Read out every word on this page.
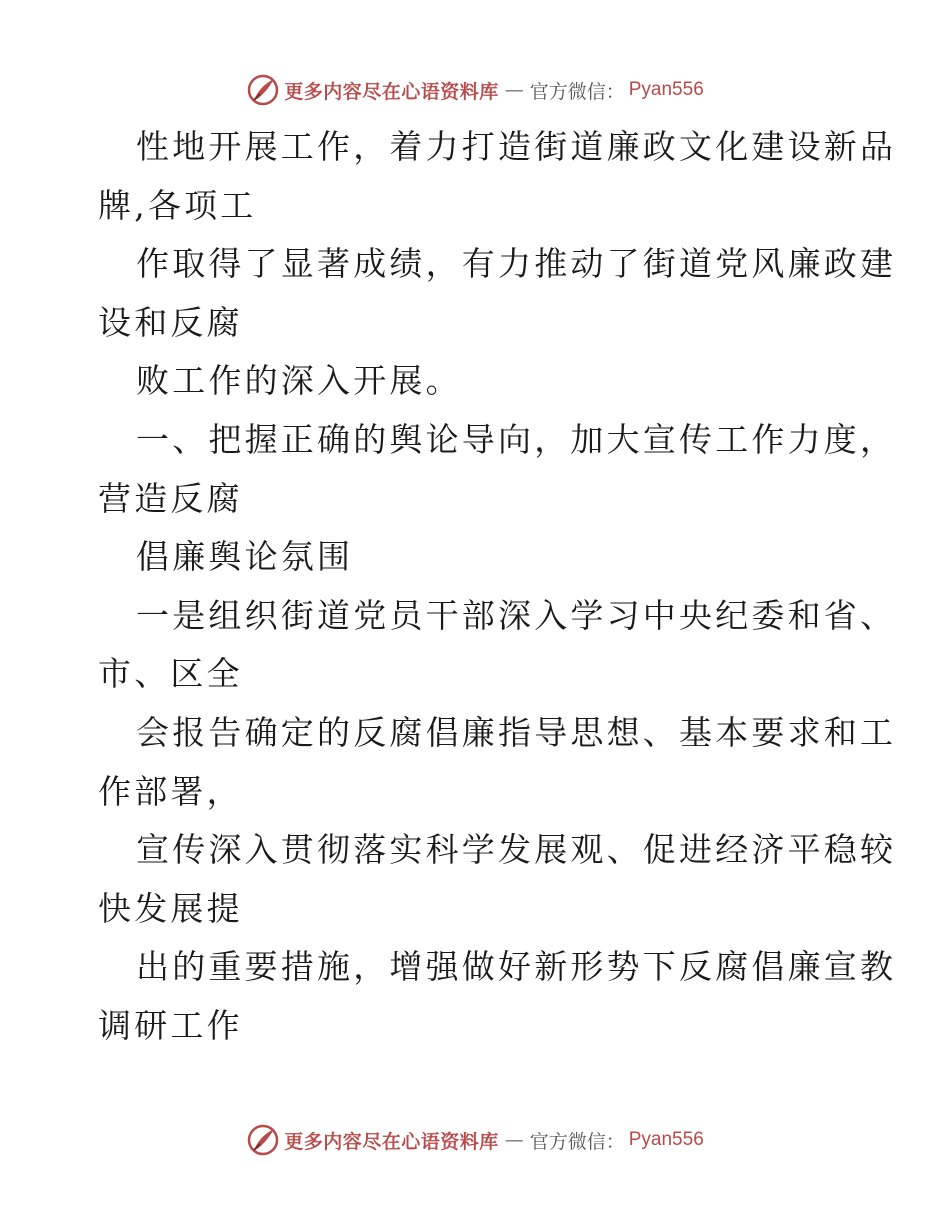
更多内容尽在心语资料库 — 官方微信： Pyan556
性地开展工作，着力打造街道廉政文化建设新品
牌,各项工
作取得了显著成绩，有力推动了街道党风廉政建
设和反腐
败工作的深入开展。
一、把握正确的舆论导向，加大宣传工作力度，
营造反腐
倡廉舆论氛围
一是组织街道党员干部深入学习中央纪委和省、
市、区全
会报告确定的反腐倡廉指导思想、基本要求和工
作部署，
宣传深入贯彻落实科学发展观、促进经济平稳较
快发展提
出的重要措施，增强做好新形势下反腐倡廉宣教
调研工作
更多内容尽在心语资料库 — 官方微信： Pyan556
